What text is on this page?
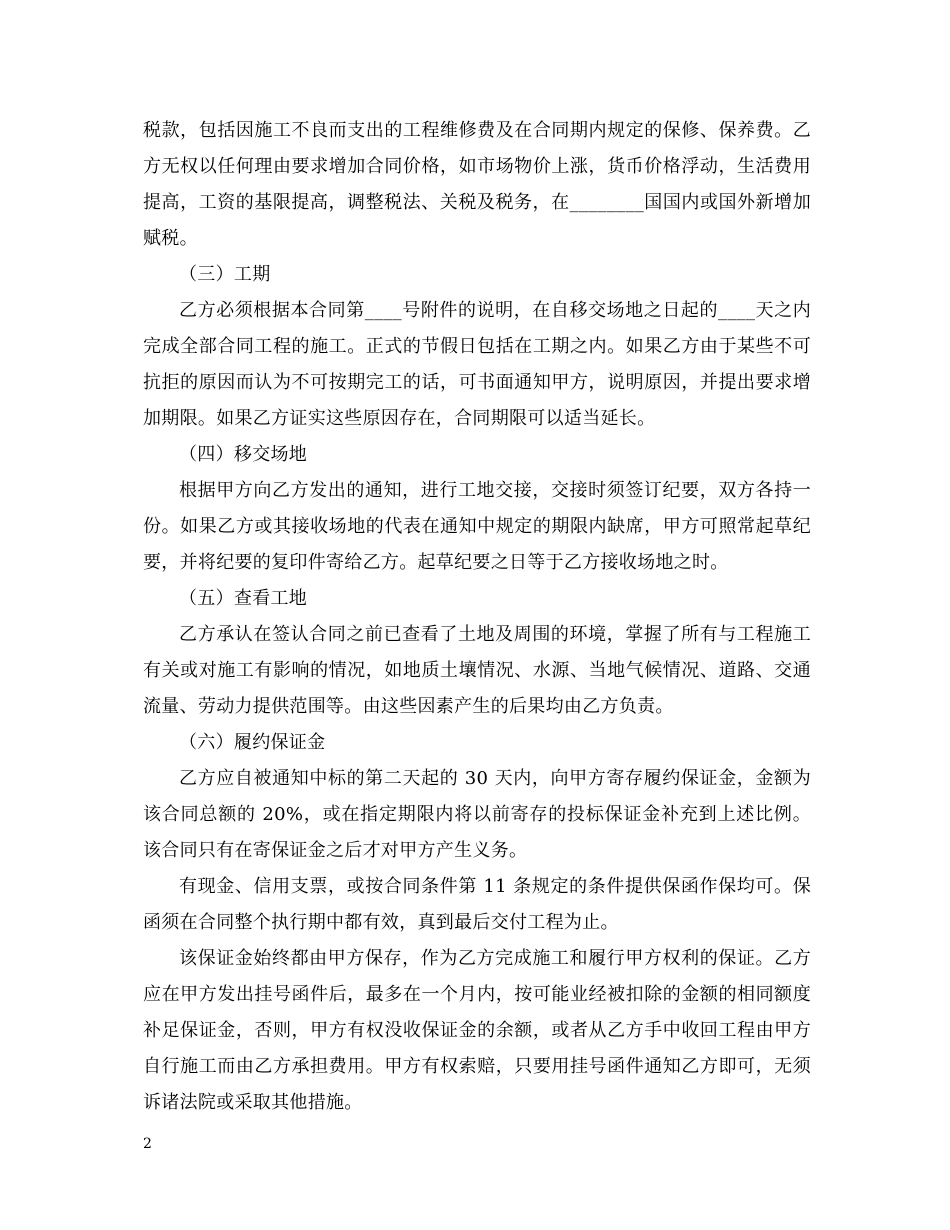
税款，包括因施工不良而支出的工程维修费及在合同期内规定的保修、保养费。乙方无权以任何理由要求增加合同价格，如市场物价上涨，货币价格浮动，生活费用提高，工资的基限提高，调整税法、关税及税务，在________国国内或国外新增加赋税。

（三）工期

乙方必须根据本合同第____号附件的说明，在自移交场地之日起的____天之内完成全部合同工程的施工。正式的节假日包括在工期之内。如果乙方由于某些不可抗拒的原因而认为不可按期完工的话，可书面通知甲方，说明原因，并提出要求增加期限。如果乙方证实这些原因存在，合同期限可以适当延长。

（四）移交场地

根据甲方向乙方发出的通知，进行工地交接，交接时须签订纪要，双方各持一份。如果乙方或其接收场地的代表在通知中规定的期限内缺席，甲方可照常起草纪要，并将纪要的复印件寄给乙方。起草纪要之日等于乙方接收场地之时。

（五）查看工地

乙方承认在签认合同之前已查看了土地及周围的环境，掌握了所有与工程施工有关或对施工有影响的情况，如地质土壤情况、水源、当地气候情况、道路、交通流量、劳动力提供范围等。由这些因素产生的后果均由乙方负责。

（六）履约保证金

乙方应自被通知中标的第二天起的 30 天内，向甲方寄存履约保证金，金额为该合同总额的 20%，或在指定期限内将以前寄存的投标保证金补充到上述比例。该合同只有在寄保证金之后才对甲方产生义务。

有现金、信用支票，或按合同条件第 11 条规定的条件提供保函作保均可。保函须在合同整个执行期中都有效，真到最后交付工程为止。

该保证金始终都由甲方保存，作为乙方完成施工和履行甲方权利的保证。乙方应在甲方发出挂号函件后，最多在一个月内，按可能业经被扣除的金额的相同额度补足保证金，否则，甲方有权没收保证金的余额，或者从乙方手中收回工程由甲方自行施工而由乙方承担费用。甲方有权索赔，只要用挂号函件通知乙方即可，无须诉诸法院或采取其他措施。

2
